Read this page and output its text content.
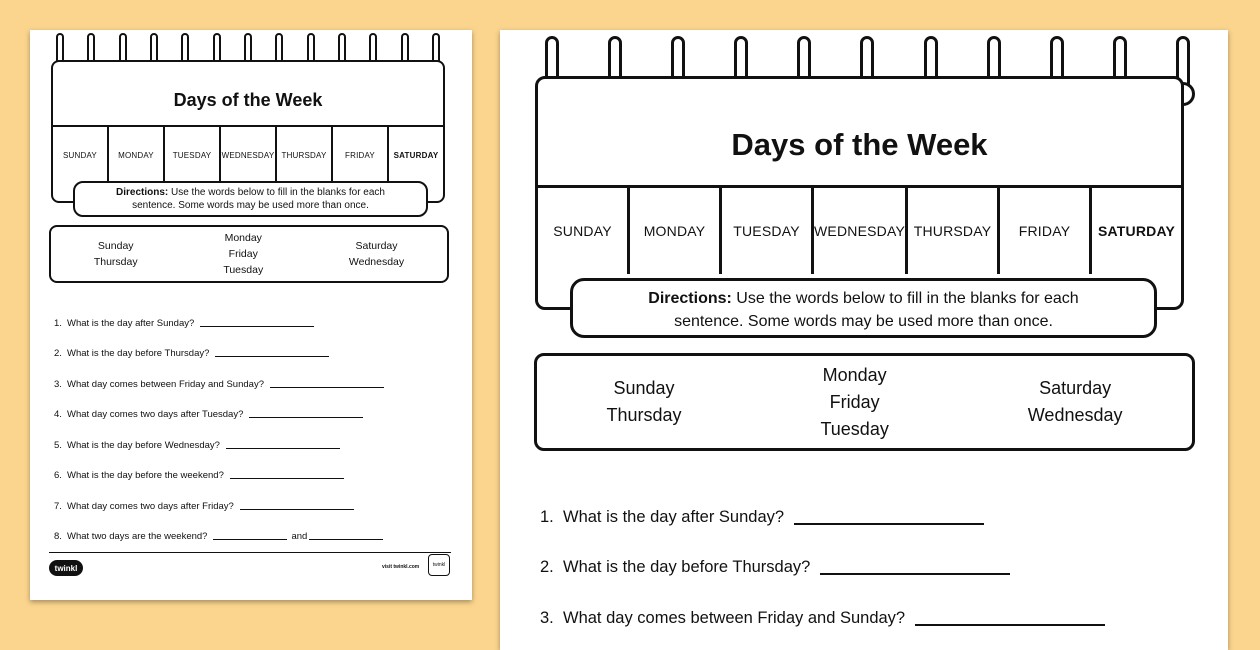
Days of the Week
SUNDAY	MONDAY TUESDAY WEDNESDAY THURSDAY FRIDAY SATURDAY
Directions: Use the words below to fill in the blanks for each
sentence. Some words may be used more than once.
Sunday
Thursday
Monday
Friday
Tuesday
Saturday
Wednesday
1. What is the day after Sunday?
2. What is the day before Thursday?
3. What day comes between Friday and Sunday?
4. What day comes two days after Tuesday?
5. What is the day before Wednesday?
6. What is the day before the weekend?
7. What day comes two days after Friday?
8. What two days are the weekend?	and
twinkl	visit twinkl.com	twinkl
Days of the Week
SUNDAY MONDAY TUESDAY WEDNESDAY THURSDAY FRIDAY SATURDAY
Directions: Use the words below to fill in the blanks for each
sentence. Some words may be used more than once.
Sunday
Thursday
Monday
Friday
Tuesday
Saturday
Wednesday
1. What is the day after Sunday?
2. What is the day before Thursday?
3. What day comes between Friday and Sunday?
